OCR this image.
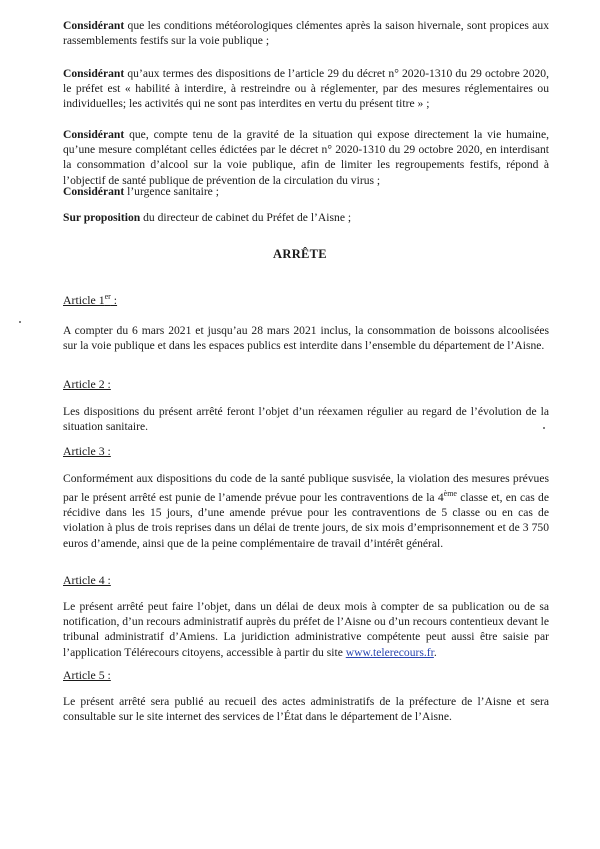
Considérant que les conditions météorologiques clémentes après la saison hivernale, sont propices aux rassemblements festifs sur la voie publique ;

Considérant qu’aux termes des dispositions de l’article 29 du décret n° 2020-1310 du 29 octobre 2020, le préfet est « habilité à interdire, à restreindre ou à réglementer, par des mesures réglementaires ou individuelles; les activités qui ne sont pas interdites en vertu du présent titre » ;

Considérant que, compte tenu de la gravité de la situation qui expose directement la vie humaine, qu’une mesure complétant celles édictées par le décret n° 2020-1310 du 29 octobre 2020, en interdisant la consommation d’alcool sur la voie publique, afin de limiter les regroupements festifs, répond à l’objectif de santé publique de prévention de la circulation du virus ;

Considérant l’urgence sanitaire ;

Sur proposition du directeur de cabinet du Préfet de l’Aisne ;

ARRÊTE
Article 1er :

A compter du 6 mars 2021 et jusqu’au 28 mars 2021 inclus, la consommation de boissons alcoolisées sur la voie publique et dans les espaces publics est interdite dans l’ensemble du département de l’Aisne.

Article 2 :

Les dispositions du présent arrêté feront l’objet d’un réexamen régulier au regard de l’évolution de la situation sanitaire.

Article 3 :

Conformément aux dispositions du code de la santé publique susvisée, la violation des mesures prévues par le présent arrêté est punie de l’amende prévue pour les contraventions de la 4ème classe et, en cas de récidive dans les 15 jours, d’une amende prévue pour les contraventions de 5 classe ou en cas de violation à plus de trois reprises dans un délai de trente jours, de six mois d’emprisonnement et de 3 750 euros d’amende, ainsi que de la peine complémentaire de travail d’intérêt général.

Article 4 :

Le présent arrêté peut faire l’objet, dans un délai de deux mois à compter de sa publication ou de sa notification, d’un recours administratif auprès du préfet de l’Aisne ou d’un recours contentieux devant le tribunal administratif d’Amiens. La juridiction administrative compétente peut aussi être saisie par l’application Télérecours citoyens, accessible à partir du site www.telerecours.fr.

Article 5 :

Le présent arrêté sera publié au recueil des actes administratifs de la préfecture de l’Aisne et sera consultable sur le site internet des services de l’État dans le département de l’Aisne.
